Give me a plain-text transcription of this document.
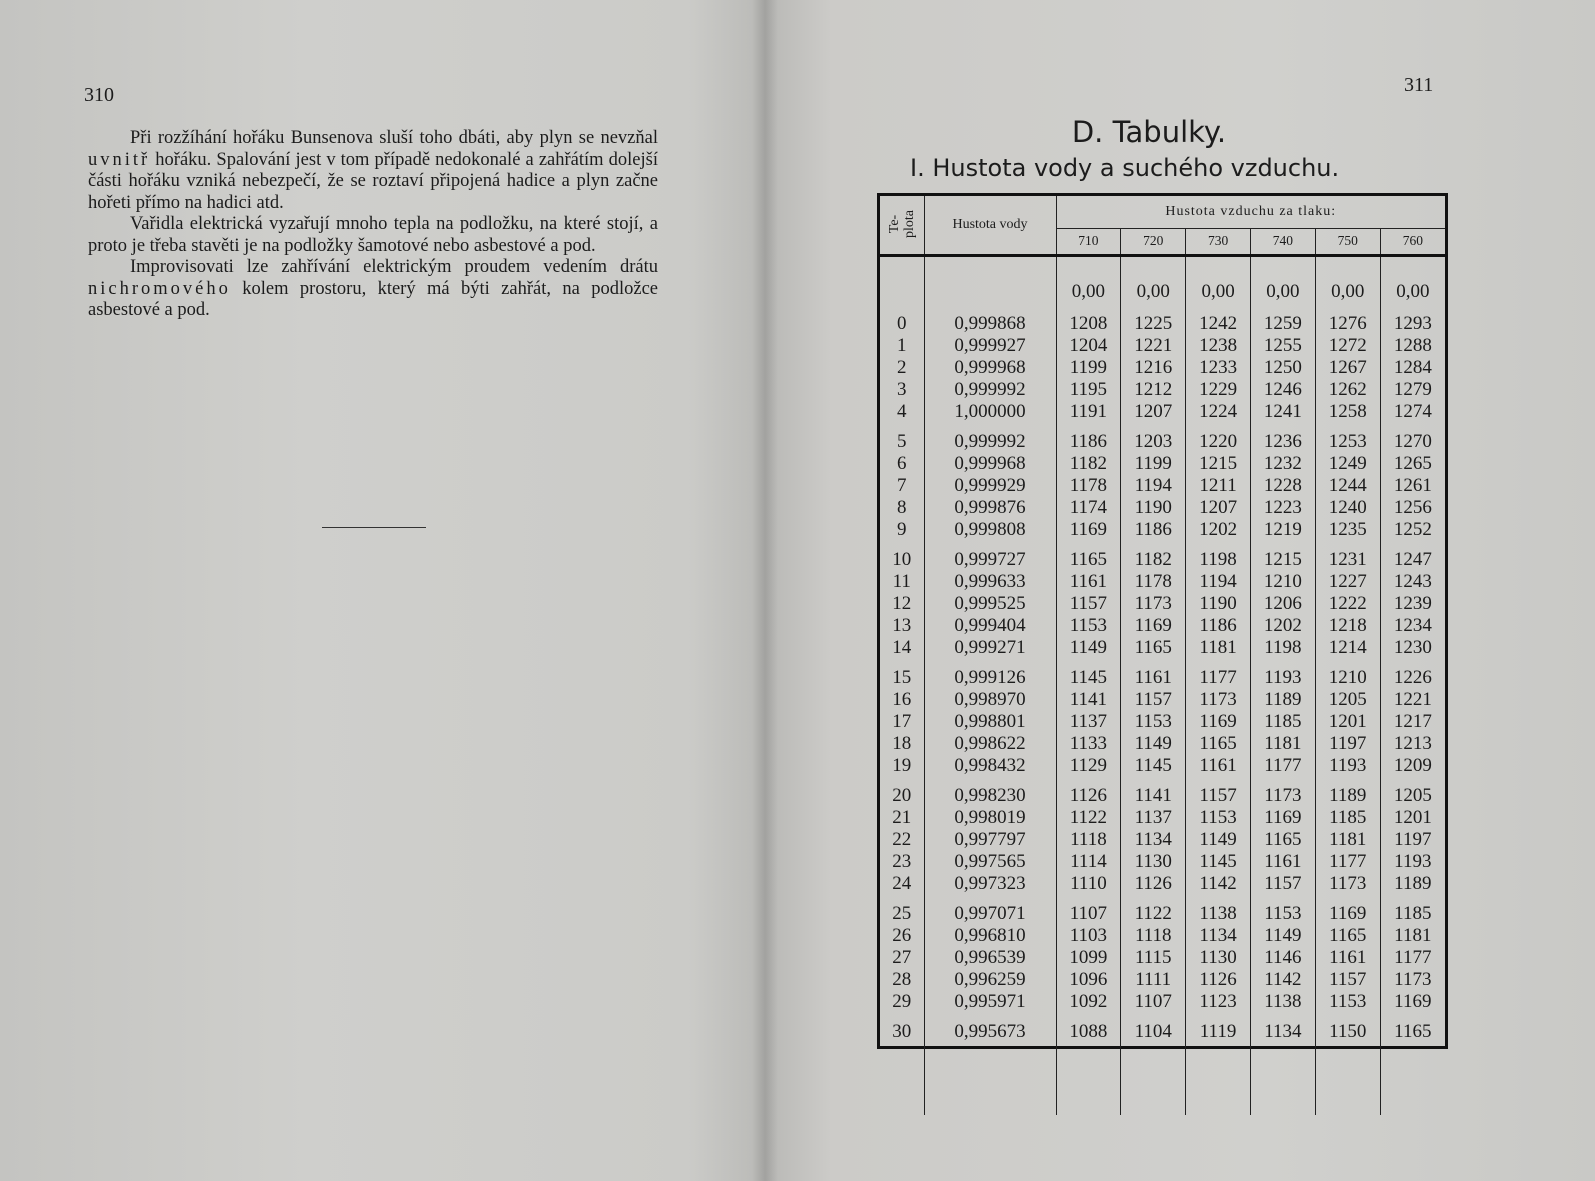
310

Při rozžíhání hořáku Bunsenova sluší toho dbáti, aby plyn se nevzňal uvnitř hořáku. Spalování jest v tom případě nedokonalé a zahřátím dolejší části hořáku vzniká nebezpečí, že se roztaví připojená hadice a plyn začne hořeti přímo na hadici atd.

Vařidla elektrická vyzařují mnoho tepla na podložku, na které stojí, a proto je třeba stavěti je na podložky šamotové nebo asbestové a pod.

Improvisovati lze zahřívání elektrickým proudem vedením drátu nichromového kolem prostoru, který má býti zahřát, na podložce asbestové a pod.

311
D. Tabulky.
I. Hustota vody a suchého vzduchu.
Te-
plota	Hustota vody	Hustota vzduchu za tlaku:					
		710	720	730	740	750	760
		0,00	0,00	0,00	0,00	0,00	0,00
0	0,999868	1208	1225	1242	1259	1276	1293
1	0,999927	1204	1221	1238	1255	1272	1288
2	0,999968	1199	1216	1233	1250	1267	1284
3	0,999992	1195	1212	1229	1246	1262	1279
4	1,000000	1191	1207	1224	1241	1258	1274
5	0,999992	1186	1203	1220	1236	1253	1270
6	0,999968	1182	1199	1215	1232	1249	1265
7	0,999929	1178	1194	1211	1228	1244	1261
8	0,999876	1174	1190	1207	1223	1240	1256
9	0,999808	1169	1186	1202	1219	1235	1252
10	0,999727	1165	1182	1198	1215	1231	1247
11	0,999633	1161	1178	1194	1210	1227	1243
12	0,999525	1157	1173	1190	1206	1222	1239
13	0,999404	1153	1169	1186	1202	1218	1234
14	0,999271	1149	1165	1181	1198	1214	1230
15	0,999126	1145	1161	1177	1193	1210	1226
16	0,998970	1141	1157	1173	1189	1205	1221
17	0,998801	1137	1153	1169	1185	1201	1217
18	0,998622	1133	1149	1165	1181	1197	1213
19	0,998432	1129	1145	1161	1177	1193	1209
20	0,998230	1126	1141	1157	1173	1189	1205
21	0,998019	1122	1137	1153	1169	1185	1201
22	0,997797	1118	1134	1149	1165	1181	1197
23	0,997565	1114	1130	1145	1161	1177	1193
24	0,997323	1110	1126	1142	1157	1173	1189
25	0,997071	1107	1122	1138	1153	1169	1185
26	0,996810	1103	1118	1134	1149	1165	1181
27	0,996539	1099	1115	1130	1146	1161	1177
28	0,996259	1096	1111	1126	1142	1157	1173
29	0,995971	1092	1107	1123	1138	1153	1169
30	0,995673	1088	1104	1119	1134	1150	1165
